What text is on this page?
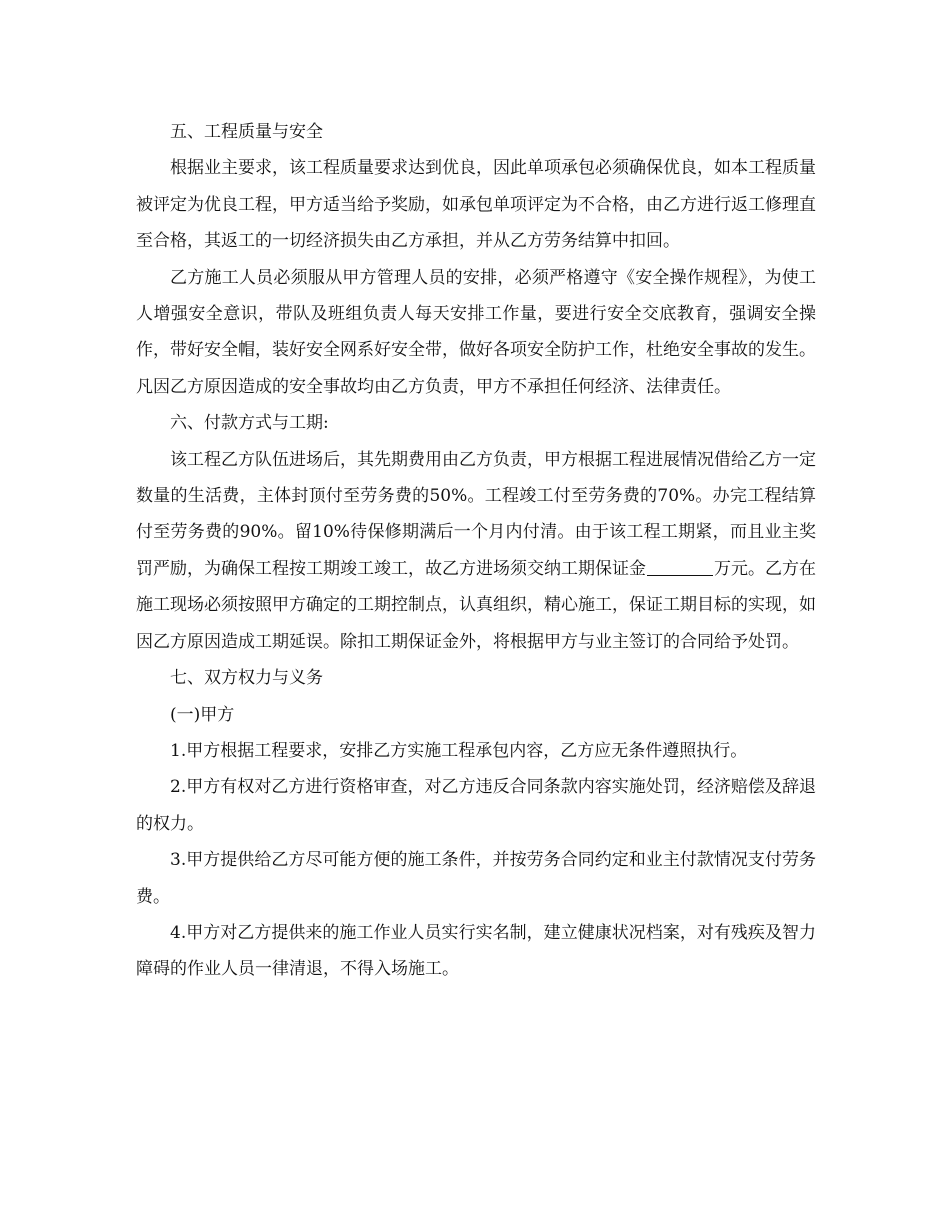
五、工程质量与安全

根据业主要求，该工程质量要求达到优良，因此单项承包必须确保优良，如本工程质量被评定为优良工程，甲方适当给予奖励，如承包单项评定为不合格，由乙方进行返工修理直至合格，其返工的一切经济损失由乙方承担，并从乙方劳务结算中扣回。

乙方施工人员必须服从甲方管理人员的安排，必须严格遵守《安全操作规程》，为使工人增强安全意识，带队及班组负责人每天安排工作量，要进行安全交底教育，强调安全操作，带好安全帽，装好安全网系好安全带，做好各项安全防护工作，杜绝安全事故的发生。凡因乙方原因造成的安全事故均由乙方负责，甲方不承担任何经济、法律责任。

六、付款方式与工期:

该工程乙方队伍进场后，其先期费用由乙方负责，甲方根据工程进展情况借给乙方一定数量的生活费，主体封顶付至劳务费的50%。工程竣工付至劳务费的70%。办完工程结算付至劳务费的90%。留10%待保修期满后一个月内付清。由于该工程工期紧，而且业主奖罚严励，为确保工程按工期竣工竣工，故乙方进场须交纳工期保证金	万元。乙方在施工现场必须按照甲方确定的工期控制点，认真组织，精心施工，保证工期目标的实现，如因乙方原因造成工期延误。除扣工期保证金外，将根据甲方与业主签订的合同给予处罚。

七、双方权力与义务

(一)甲方

1.甲方根据工程要求，安排乙方实施工程承包内容，乙方应无条件遵照执行。

2.甲方有权对乙方进行资格审查，对乙方违反合同条款内容实施处罚，经济赔偿及辞退的权力。

3.甲方提供给乙方尽可能方便的施工条件，并按劳务合同约定和业主付款情况支付劳务费。

4.甲方对乙方提供来的施工作业人员实行实名制，建立健康状况档案，对有残疾及智力障碍的作业人员一律清退，不得入场施工。
